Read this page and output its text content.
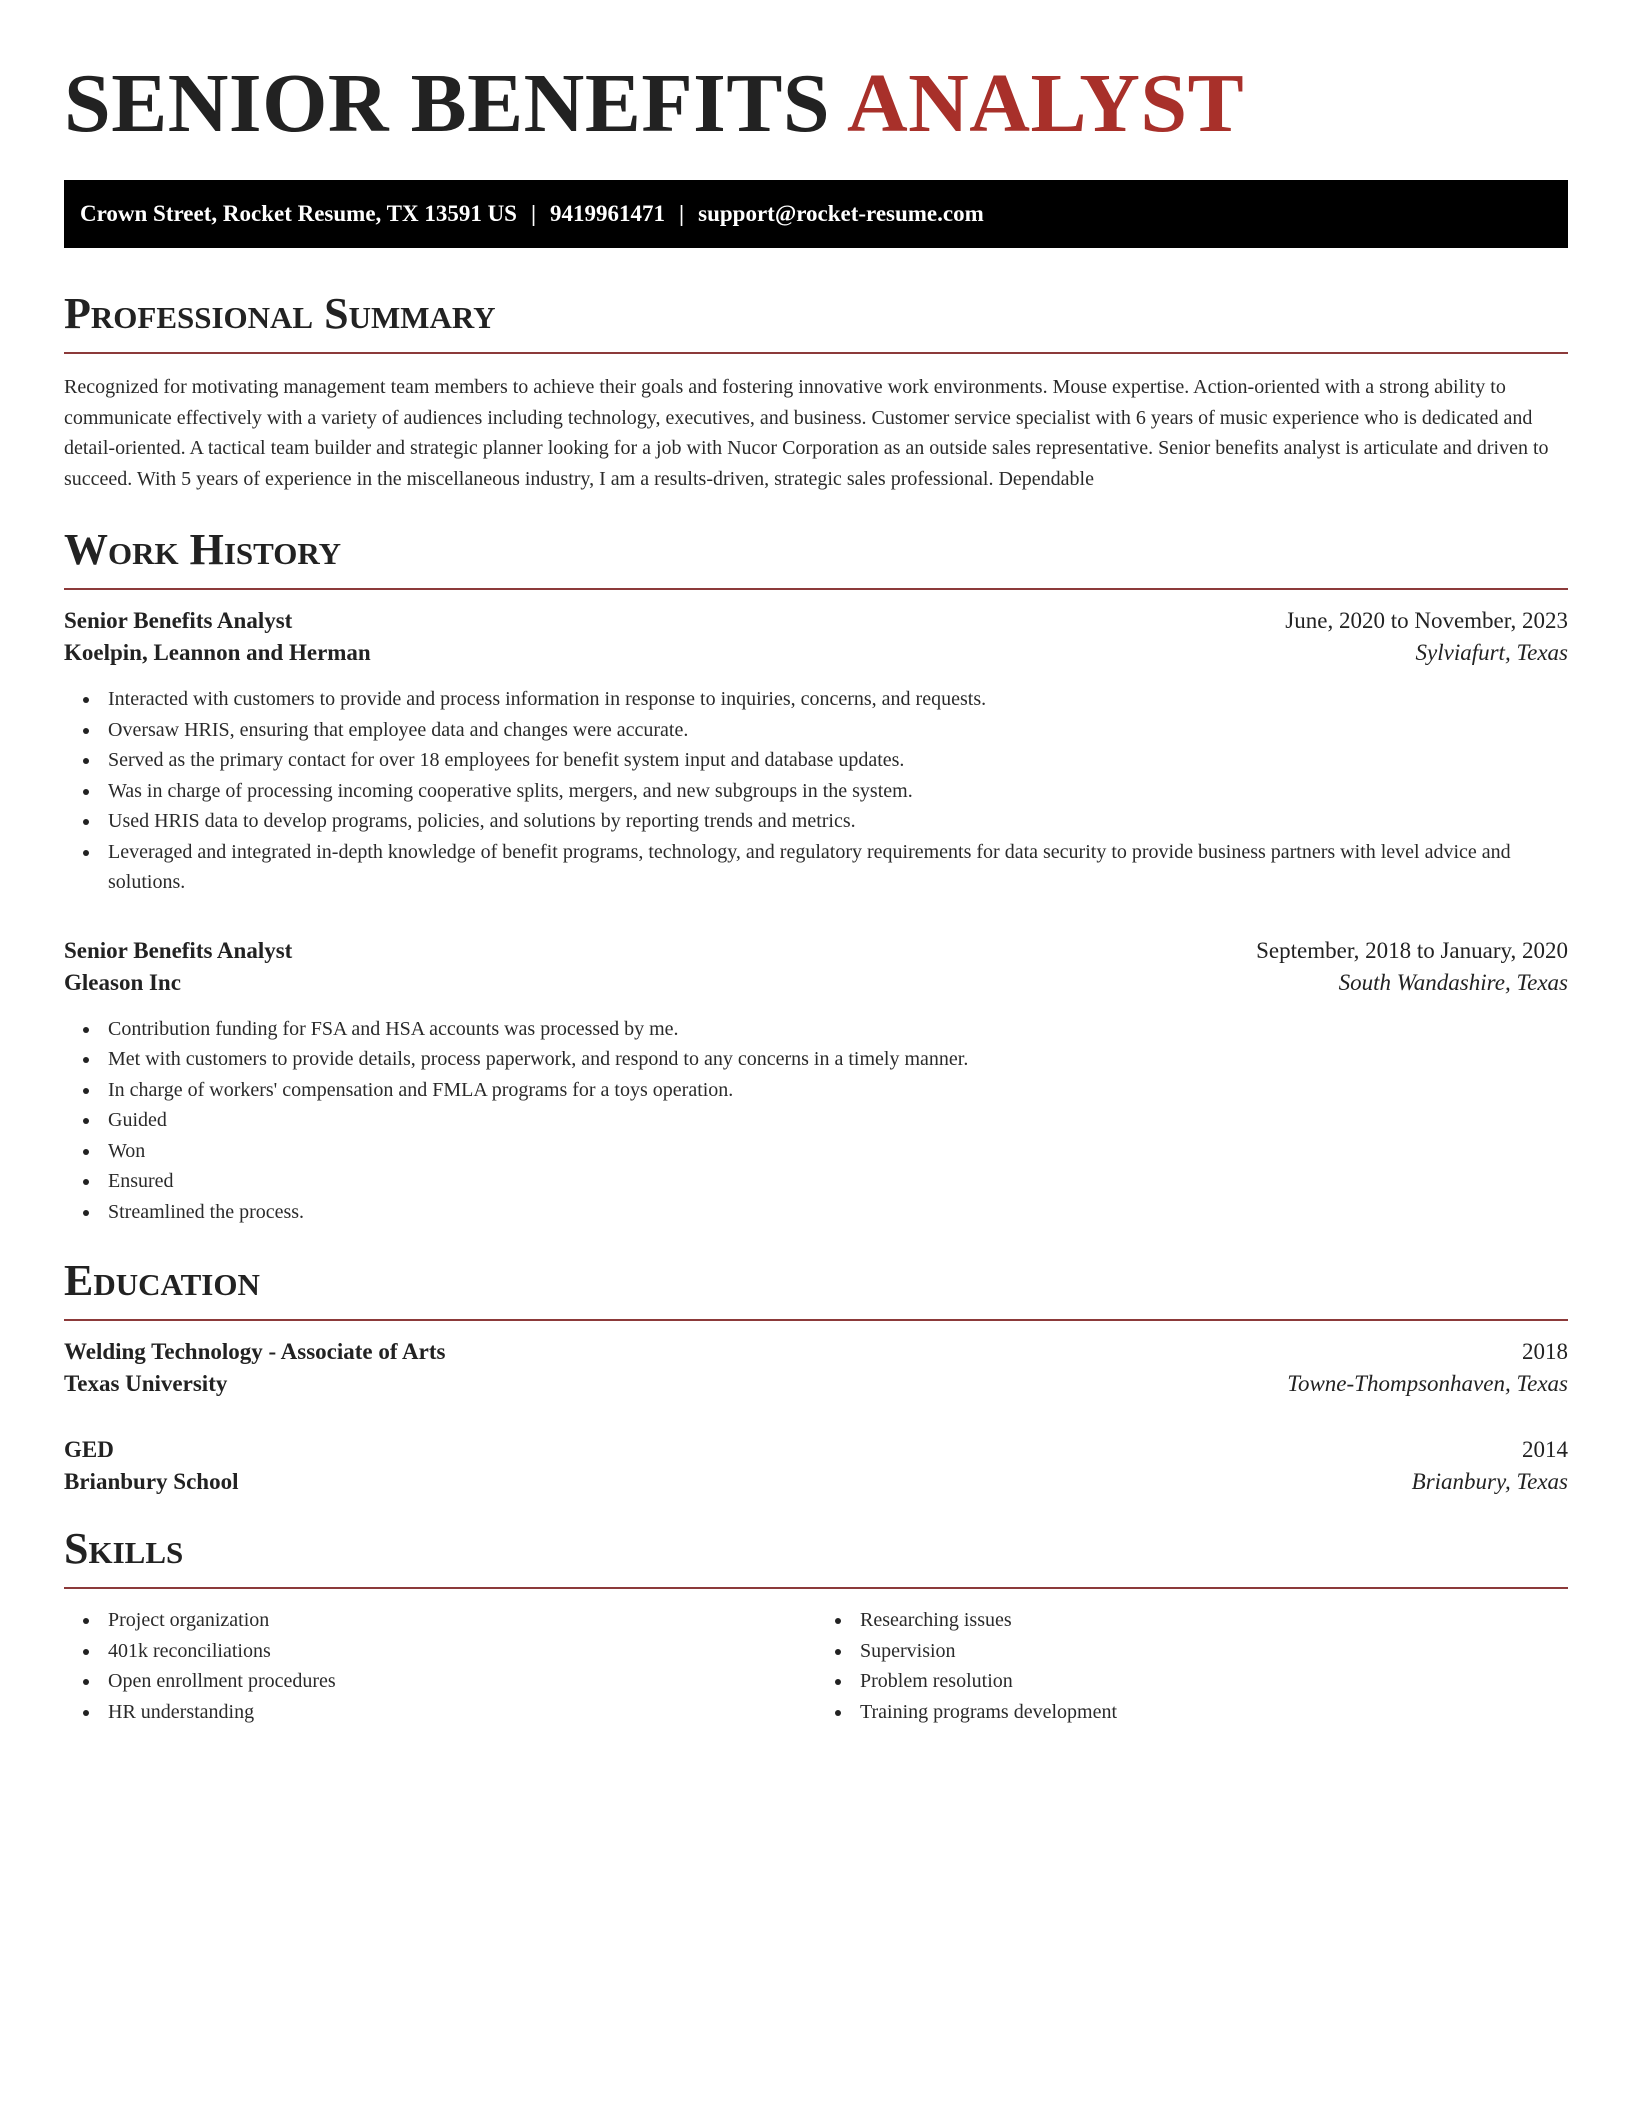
SENIOR BENEFITS ANALYST
Crown Street, Rocket Resume, TX 13591 US | 9419961471 | support@rocket-resume.com
Professional Summary

Recognized for motivating management team members to achieve their goals and fostering innovative work environments. Mouse expertise. Action-oriented with a strong ability to communicate effectively with a variety of audiences including technology, executives, and business. Customer service specialist with 6 years of music experience who is dedicated and detail-oriented. A tactical team builder and strategic planner looking for a job with Nucor Corporation as an outside sales representative. Senior benefits analyst is articulate and driven to succeed. With 5 years of experience in the miscellaneous industry, I am a results-driven, strategic sales professional. Dependable

Work History
Senior Benefits Analyst	June, 2020 to November, 2023
Koelpin, Leannon and Herman	Sylviafurt, Texas
Interacted with customers to provide and process information in response to inquiries, concerns, and requests.
Oversaw HRIS, ensuring that employee data and changes were accurate.
Served as the primary contact for over 18 employees for benefit system input and database updates.
Was in charge of processing incoming cooperative splits, mergers, and new subgroups in the system.
Used HRIS data to develop programs, policies, and solutions by reporting trends and metrics.
Leveraged and integrated in-depth knowledge of benefit programs, technology, and regulatory requirements for data security to provide business partners with level advice and solutions.
Senior Benefits Analyst	September, 2018 to January, 2020
Gleason Inc	South Wandashire, Texas
Contribution funding for FSA and HSA accounts was processed by me.
Met with customers to provide details, process paperwork, and respond to any concerns in a timely manner.
In charge of workers' compensation and FMLA programs for a toys operation.
Guided
Won
Ensured
Streamlined the process.
Education
Welding Technology - Associate of Arts	2018
Texas University	Towne-Thompsonhaven, Texas
GED	2014
Brianbury School	Brianbury, Texas
Skills
Project organization
401k reconciliations
Open enrollment procedures
HR understanding
Researching issues
Supervision
Problem resolution
Training programs development
